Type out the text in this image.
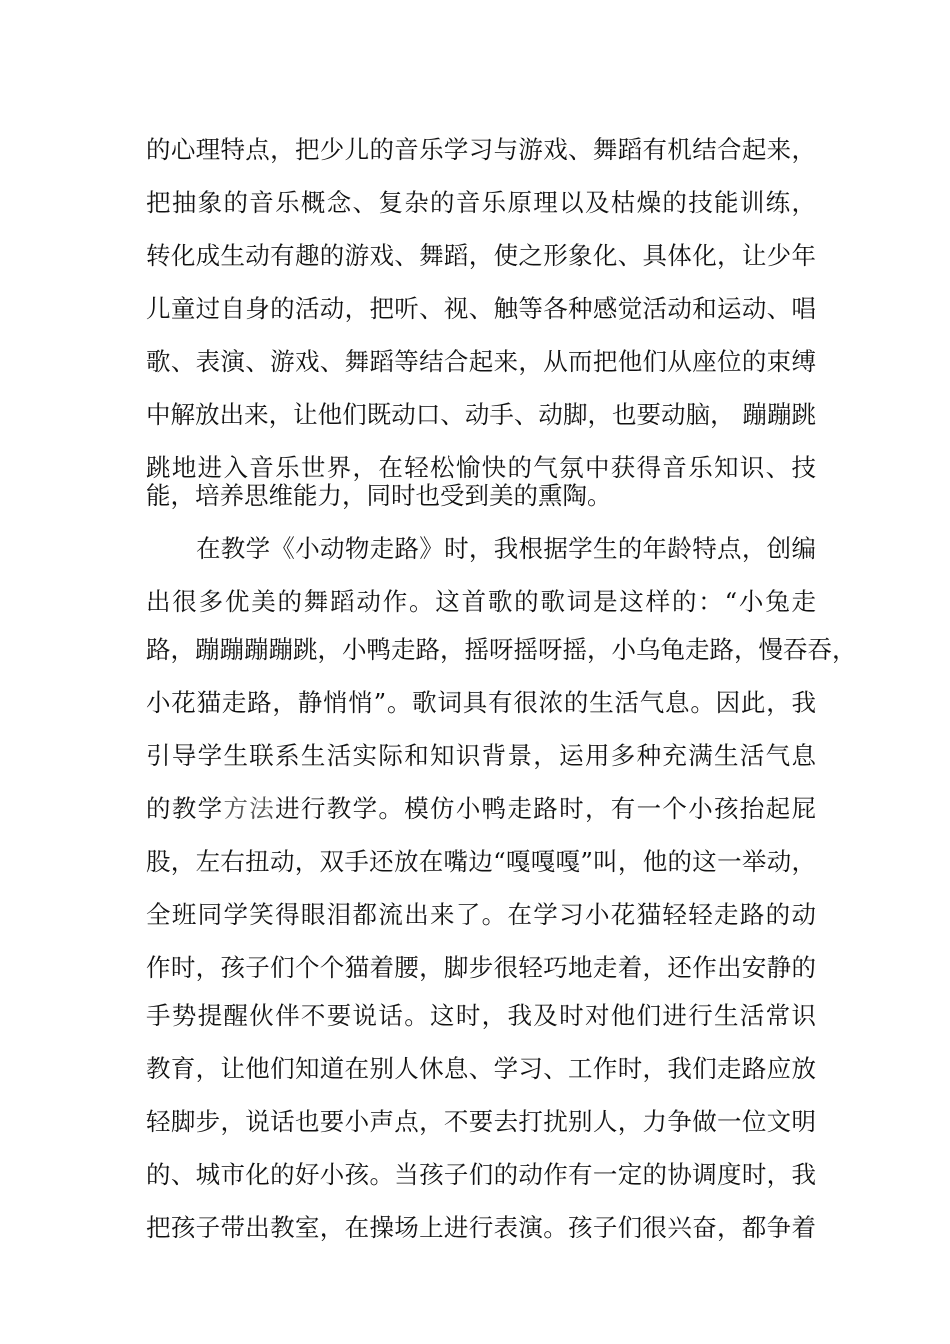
的心理特点，把少儿的音乐学习与游戏、舞蹈有机结合起来，
把抽象的音乐概念、复杂的音乐原理以及枯燥的技能训练，
转化成生动有趣的游戏、舞蹈，使之形象化、具体化，让少年
儿童过自身的活动，把听、视、触等各种感觉活动和运动、唱
歌、表演、游戏、舞蹈等结合起来，从而把他们从座位的束缚
中解放出来，让他们既动口、动手、动脚，也要动脑， 蹦蹦跳
跳地进入音乐世界，在轻松愉快的气氛中获得音乐知识、技
能，培养思维能力，同时也受到美的熏陶。
在教学《小动物走路》时，我根据学生的年龄特点，创编
出很多优美的舞蹈动作。这首歌的歌词是这样的：“小兔走
路，蹦蹦蹦蹦跳，小鸭走路，摇呀摇呀摇，小乌龟走路，慢吞吞，
小花猫走路，静悄悄”。歌词具有很浓的生活气息。因此，我
引导学生联系生活实际和知识背景，运用多种充满生活气息
的教学方法进行教学。模仿小鸭走路时，有一个小孩抬起屁
股，左右扭动，双手还放在嘴边“嘎嘎嘎”叫，他的这一举动，
全班同学笑得眼泪都流出来了。在学习小花猫轻轻走路的动
作时，孩子们个个猫着腰，脚步很轻巧地走着，还作出安静的
手势提醒伙伴不要说话。这时，我及时对他们进行生活常识
教育，让他们知道在别人休息、学习、工作时，我们走路应放
轻脚步，说话也要小声点，不要去打扰别人，力争做一位文明
的、城市化的好小孩。当孩子们的动作有一定的协调度时，我
把孩子带出教室，在操场上进行表演。孩子们很兴奋，都争着
